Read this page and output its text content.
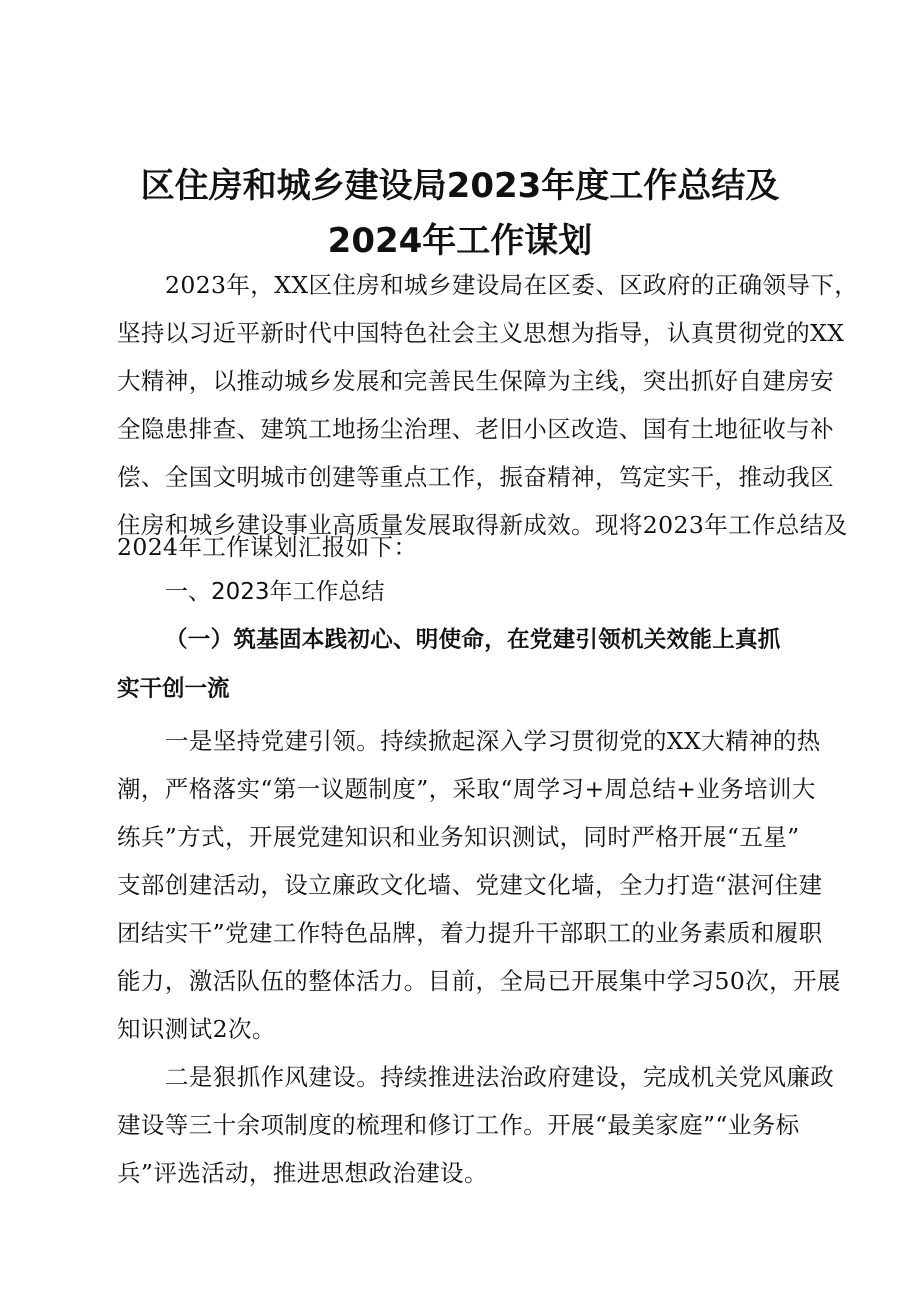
区住房和城乡建设局2023年度工作总结及
2024年工作谋划
2023年，XX区住房和城乡建设局在区委、区政府的正确领导下，
坚持以习近平新时代中国特色社会主义思想为指导，认真贯彻党的XX
大精神，以推动城乡发展和完善民生保障为主线，突出抓好自建房安
全隐患排查、建筑工地扬尘治理、老旧小区改造、国有土地征收与补
偿、全国文明城市创建等重点工作，振奋精神，笃定实干，推动我区
住房和城乡建设事业高质量发展取得新成效。现将2023年工作总结及
2024年工作谋划汇报如下：
一、2023年工作总结
（一）筑基固本践初心、明使命，在党建引领机关效能上真抓
实干创一流
一是坚持党建引领。持续掀起深入学习贯彻党的XX大精神的热
潮，严格落实“第一议题制度”，采取“周学习+周总结+业务培训大
练兵”方式，开展党建知识和业务知识测试，同时严格开展“五星”
支部创建活动，设立廉政文化墙、党建文化墙，全力打造“湛河住建
团结实干”党建工作特色品牌，着力提升干部职工的业务素质和履职
能力，激活队伍的整体活力。目前，全局已开展集中学习50次，开展
知识测试2次。
二是狠抓作风建设。持续推进法治政府建设，完成机关党风廉政
建设等三十余项制度的梳理和修订工作。开展“最美家庭”“业务标
兵”评选活动，推进思想政治建设。
